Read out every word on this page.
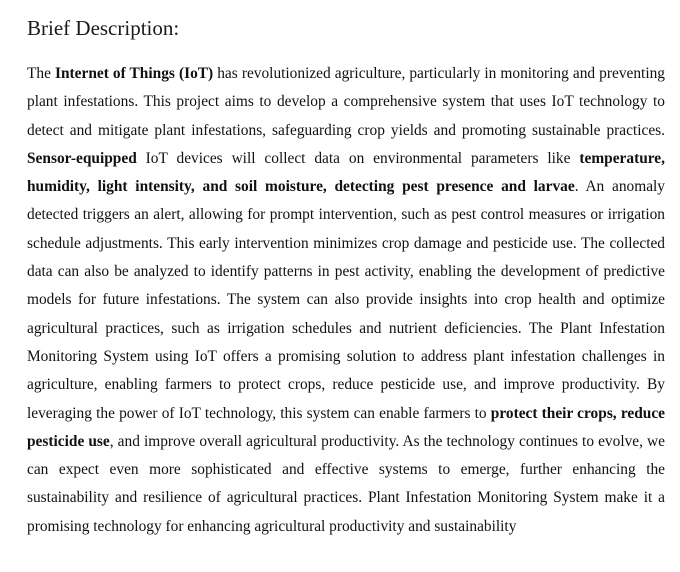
Brief Description:

The Internet of Things (IoT) has revolutionized agriculture, particularly in monitoring and preventing plant infestations. This project aims to develop a comprehensive system that uses IoT technology to detect and mitigate plant infestations, safeguarding crop yields and promoting sustainable practices. Sensor-equipped IoT devices will collect data on environmental parameters like temperature, humidity, light intensity, and soil moisture, detecting pest presence and larvae. An anomaly detected triggers an alert, allowing for prompt intervention, such as pest control measures or irrigation schedule adjustments. This early intervention minimizes crop damage and pesticide use. The collected data can also be analyzed to identify patterns in pest activity, enabling the development of predictive models for future infestations. The system can also provide insights into crop health and optimize agricultural practices, such as irrigation schedules and nutrient deficiencies. The Plant Infestation Monitoring System using IoT offers a promising solution to address plant infestation challenges in agriculture, enabling farmers to protect crops, reduce pesticide use, and improve productivity. By leveraging the power of IoT technology, this system can enable farmers to protect their crops, reduce pesticide use, and improve overall agricultural productivity. As the technology continues to evolve, we can expect even more sophisticated and effective systems to emerge, further enhancing the sustainability and resilience of agricultural practices. Plant Infestation Monitoring System make it a promising technology for enhancing agricultural productivity and sustainability
